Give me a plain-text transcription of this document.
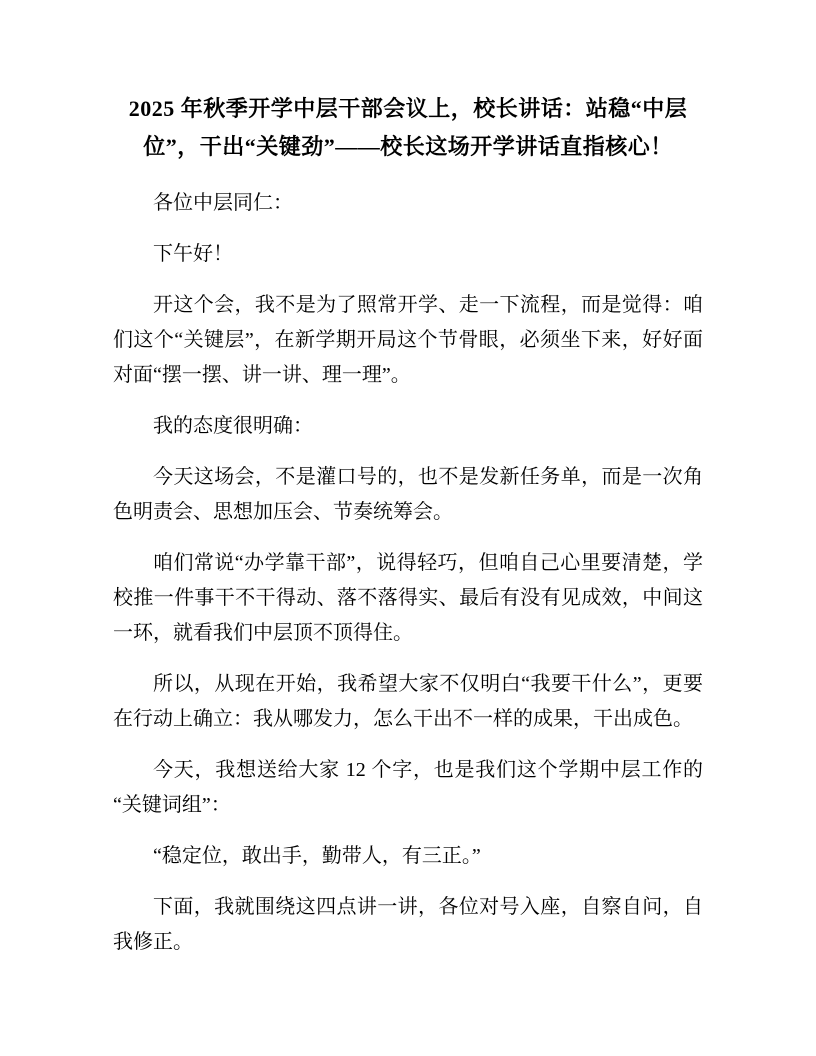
2025 年秋季开学中层干部会议上，校长讲话：站稳“中层位”，干出“关键劲”——校长这场开学讲话直指核心！

各位中层同仁：

下午好！

开这个会，我不是为了照常开学、走一下流程，而是觉得：咱们这个“关键层”，在新学期开局这个节骨眼，必须坐下来，好好面对面“摆一摆、讲一讲、理一理”。

我的态度很明确：

今天这场会，不是灌口号的，也不是发新任务单，而是一次角色明责会、思想加压会、节奏统筹会。

咱们常说“办学靠干部”，说得轻巧，但咱自己心里要清楚，学校推一件事干不干得动、落不落得实、最后有没有见成效，中间这一环，就看我们中层顶不顶得住。

所以，从现在开始，我希望大家不仅明白“我要干什么”，更要在行动上确立：我从哪发力，怎么干出不一样的成果，干出成色。

今天，我想送给大家 12 个字，也是我们这个学期中层工作的“关键词组”：

“稳定位，敢出手，勤带人，有三正。”

下面，我就围绕这四点讲一讲，各位对号入座，自察自问，自我修正。
